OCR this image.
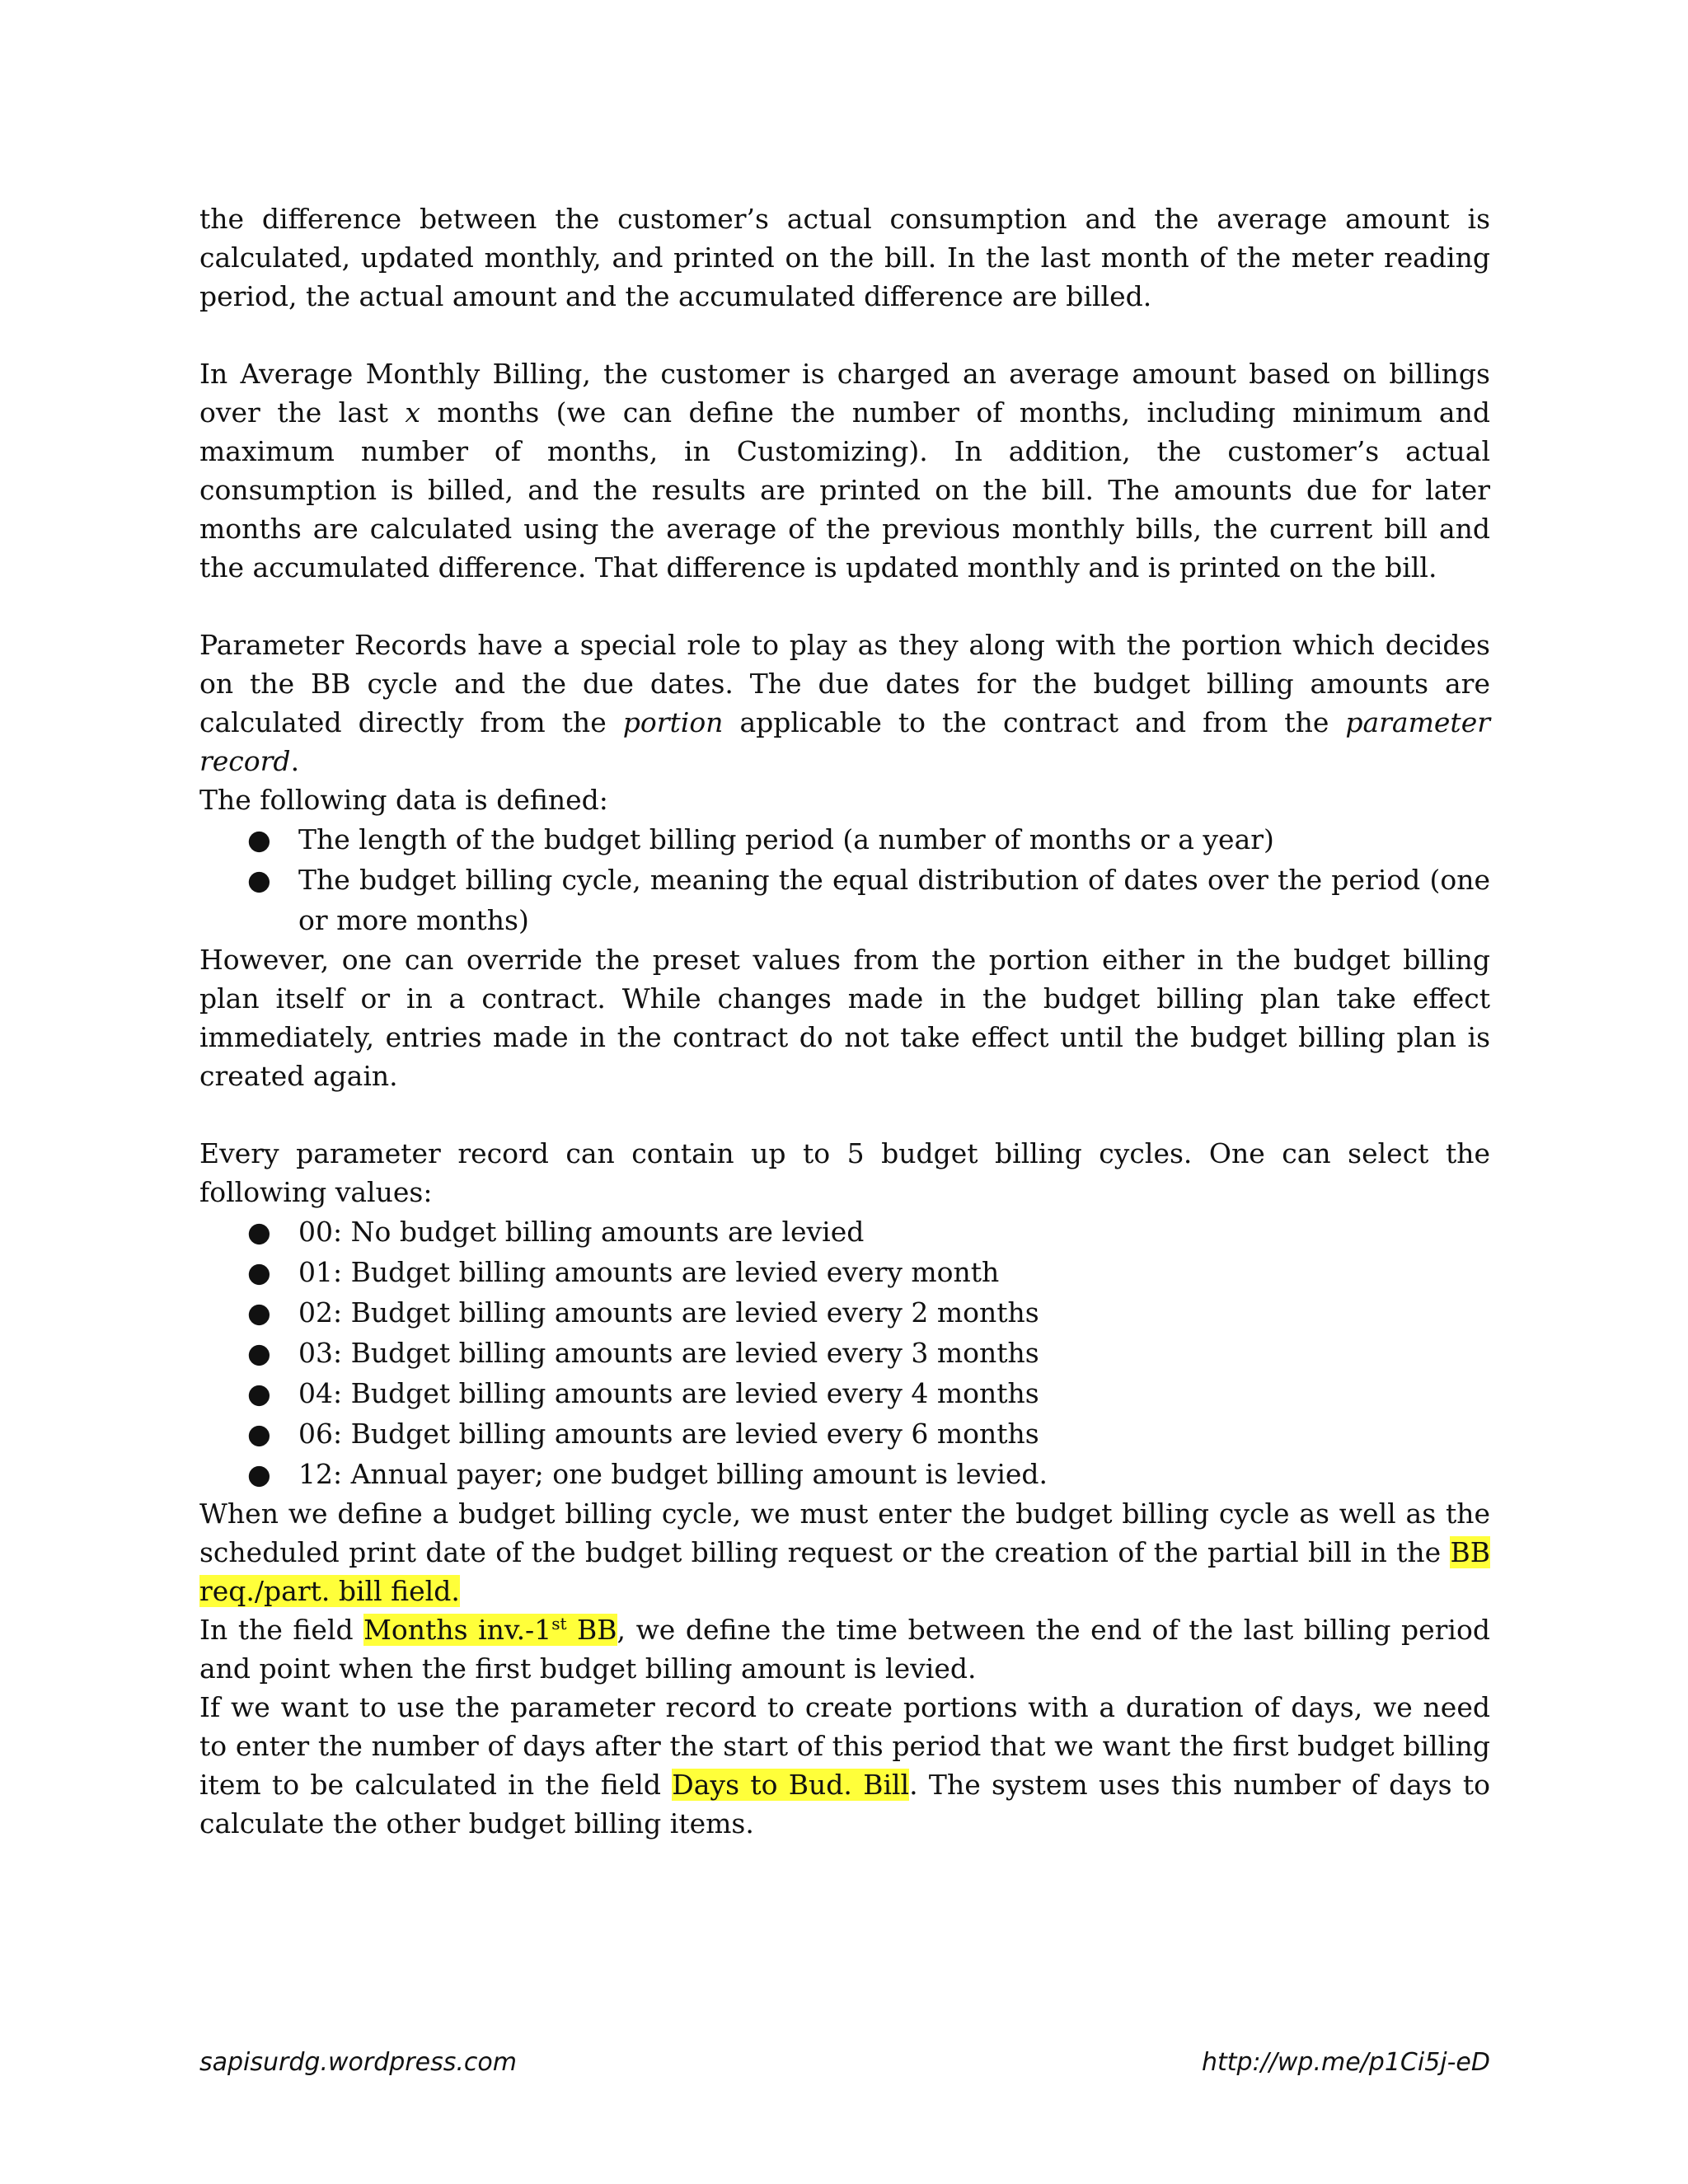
the difference between the customer’s actual consumption and the average amount is calculated, updated monthly, and printed on the bill. In the last month of the meter reading period, the actual amount and the accumulated difference are billed.

In Average Monthly Billing, the customer is charged an average amount based on billings over the last x months (we can define the number of months, including minimum and maximum number of months, in Customizing). In addition, the customer’s actual consumption is billed, and the results are printed on the bill. The amounts due for later months are calculated using the average of the previous monthly bills, the current bill and the accumulated difference. That difference is updated monthly and is printed on the bill.

Parameter Records have a special role to play as they along with the portion which decides on the BB cycle and the due dates. The due dates for the budget billing amounts are calculated directly from the portion applicable to the contract and from the parameter record.

The following data is defined:

● The length of the budget billing period (a number of months or a year)
● The budget billing cycle, meaning the equal distribution of dates over the period (one or more months)

However, one can override the preset values from the portion either in the budget billing plan itself or in a contract. While changes made in the budget billing plan take effect immediately, entries made in the contract do not take effect until the budget billing plan is created again.

Every parameter record can contain up to 5 budget billing cycles. One can select the following values:

● 00: No budget billing amounts are levied
● 01: Budget billing amounts are levied every month
● 02: Budget billing amounts are levied every 2 months
● 03: Budget billing amounts are levied every 3 months
● 04: Budget billing amounts are levied every 4 months
● 06: Budget billing amounts are levied every 6 months
● 12: Annual payer; one budget billing amount is levied.

When we define a budget billing cycle, we must enter the budget billing cycle as well as the scheduled print date of the budget billing request or the creation of the partial bill in the BB req./part. bill field.

In the field Months inv.-1st BB, we define the time between the end of the last billing period and point when the first budget billing amount is levied.

If we want to use the parameter record to create portions with a duration of days, we need to enter the number of days after the start of this period that we want the first budget billing item to be calculated in the field Days to Bud. Bill. The system uses this number of days to calculate the other budget billing items.

sapisurdg.wordpress.com	http://wp.me/p1Ci5j-eD
